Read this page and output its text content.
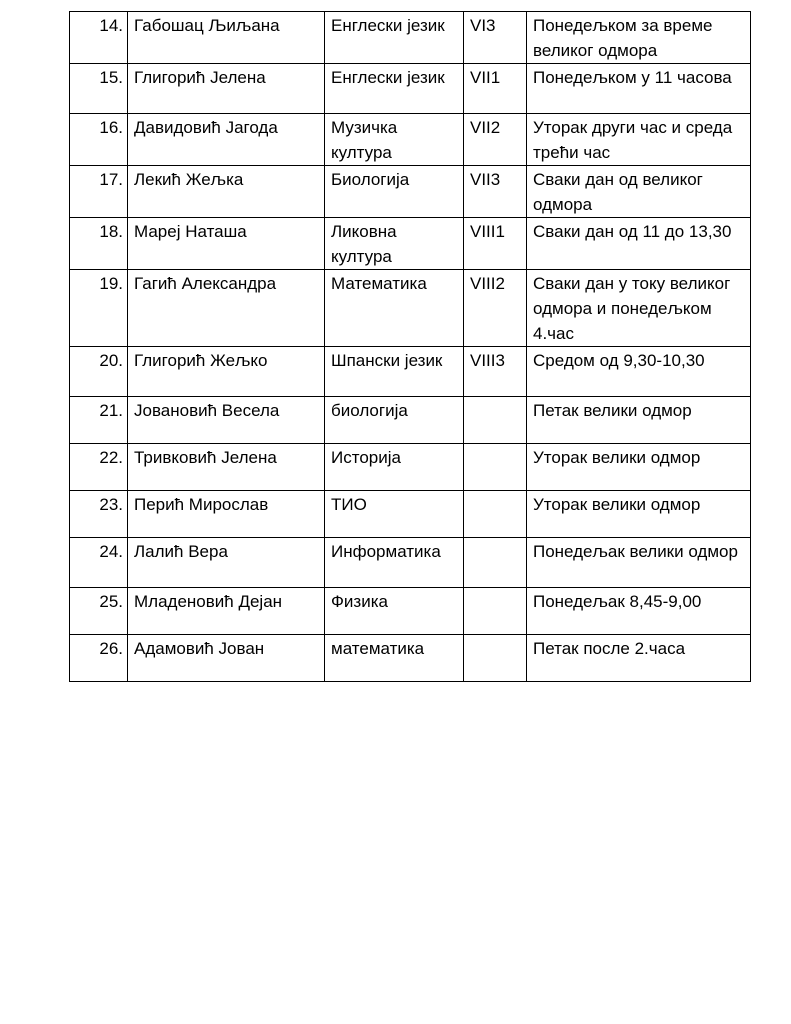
14.	Габошац Љиљана	Енглески језик	VI3	Понедељком за време великог одмора
15.	Глигорић Јелена	Енглески језик	VII1	Понедељком у 11 часова
16.	Давидовић Јагода	Музичка култура	VII2	Уторак други час и среда трећи час
17.	Лекић Жељка	Биологија	VII3	Сваки дан од великог одмора
18.	Мареј Наташа	Ликовна култура	VIII1	Сваки дан од 11 до 13,30
19.	Гагић Александра	Математика	VIII2	Сваки дан у току великог одмора и понедељком 4.час
20.	Глигорић Жељко	Шпански језик	VIII3	Средом од 9,30-10,30
21.	Јовановић Весела	биологија		Петак велики одмор
22.	Тривковић Јелена	Историја		Уторак велики одмор
23.	Перић Мирослав	ТИО		Уторак велики одмор
24.	Лалић Вера	Информатика		Понедељак велики одмор
25.	Младеновић Дејан	Физика		Понедељак 8,45-9,00
26.	Адамовић Јован	математика		Петак после 2.часа
